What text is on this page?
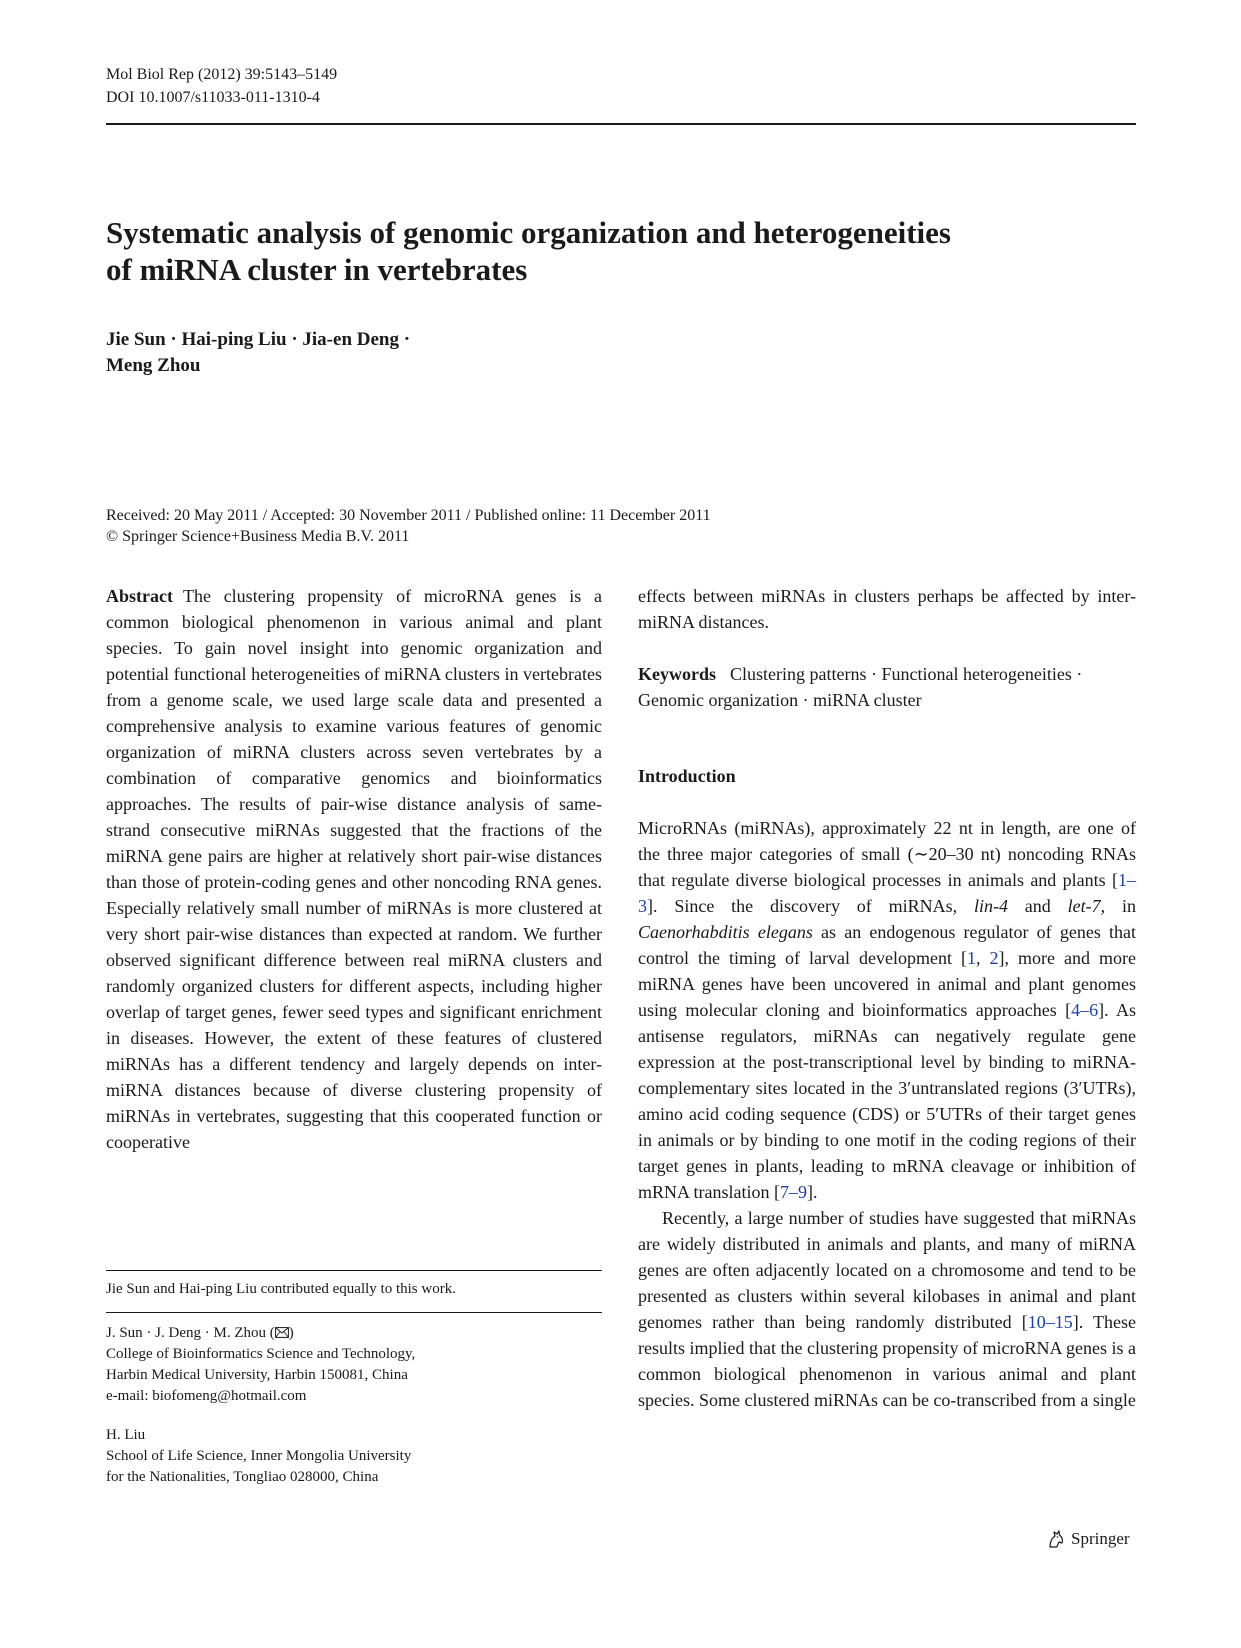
Mol Biol Rep (2012) 39:5143–5149
DOI 10.1007/s11033-011-1310-4
Systematic analysis of genomic organization and heterogeneities
of miRNA cluster in vertebrates
Jie Sun · Hai-ping Liu · Jia-en Deng ·
Meng Zhou
Received: 20 May 2011 / Accepted: 30 November 2011 / Published online: 11 December 2011
© Springer Science+Business Media B.V. 2011

Abstract The clustering propensity of microRNA genes is a common biological phenomenon in various animal and plant species. To gain novel insight into genomic organization and potential functional heterogeneities of miRNA clusters in vertebrates from a genome scale, we used large scale data and presented a comprehensive analysis to examine various features of genomic organization of miRNA clusters across seven vertebrates by a combination of comparative genomics and bioinformatics approaches. The results of pair-wise distance analysis of same-strand consecutive miRNAs suggested that the fractions of the miRNA gene pairs are higher at relatively short pair-wise distances than those of protein-coding genes and other noncoding RNA genes. Especially relatively small number of miRNAs is more clustered at very short pair-wise distances than expected at random. We further observed significant difference between real miRNA clusters and randomly organized clusters for different aspects, including higher overlap of target genes, fewer seed types and significant enrichment in diseases. However, the extent of these features of clustered miRNAs has a different tendency and largely depends on inter-miRNA distances because of diverse clustering propensity of miRNAs in vertebrates, suggesting that this cooperated function or cooperative

effects between miRNAs in clusters perhaps be affected by inter-miRNA distances.

Keywords Clustering patterns · Functional heterogeneities · Genomic organization · miRNA cluster

Introduction

MicroRNAs (miRNAs), approximately 22 nt in length, are one of the three major categories of small (∼20–30 nt) noncoding RNAs that regulate diverse biological processes in animals and plants [1–3]. Since the discovery of miRNAs, lin-4 and let-7, in Caenorhabditis elegans as an endogenous regulator of genes that control the timing of larval development [1, 2], more and more miRNA genes have been uncovered in animal and plant genomes using molecular cloning and bioinformatics approaches [4–6]. As antisense regulators, miRNAs can negatively regulate gene expression at the post-transcriptional level by binding to miRNA-complementary sites located in the 3′untranslated regions (3′UTRs), amino acid coding sequence (CDS) or 5′UTRs of their target genes in animals or by binding to one motif in the coding regions of their target genes in plants, leading to mRNA cleavage or inhibition of mRNA translation [7–9].

Recently, a large number of studies have suggested that miRNAs are widely distributed in animals and plants, and many of miRNA genes are often adjacently located on a chromosome and tend to be presented as clusters within several kilobases in animal and plant genomes rather than being randomly distributed [10–15]. These results implied that the clustering propensity of microRNA genes is a common biological phenomenon in various animal and plant species. Some clustered miRNAs can be co-transcribed from a single

Jie Sun and Hai-ping Liu contributed equally to this work.
J. Sun · J. Deng · M. Zhou ( )
College of Bioinformatics Science and Technology,
Harbin Medical University, Harbin 150081, China
e-mail: biofomeng@hotmail.com
H. Liu
School of Life Science, Inner Mongolia University
for the Nationalities, Tongliao 028000, China
Springer
